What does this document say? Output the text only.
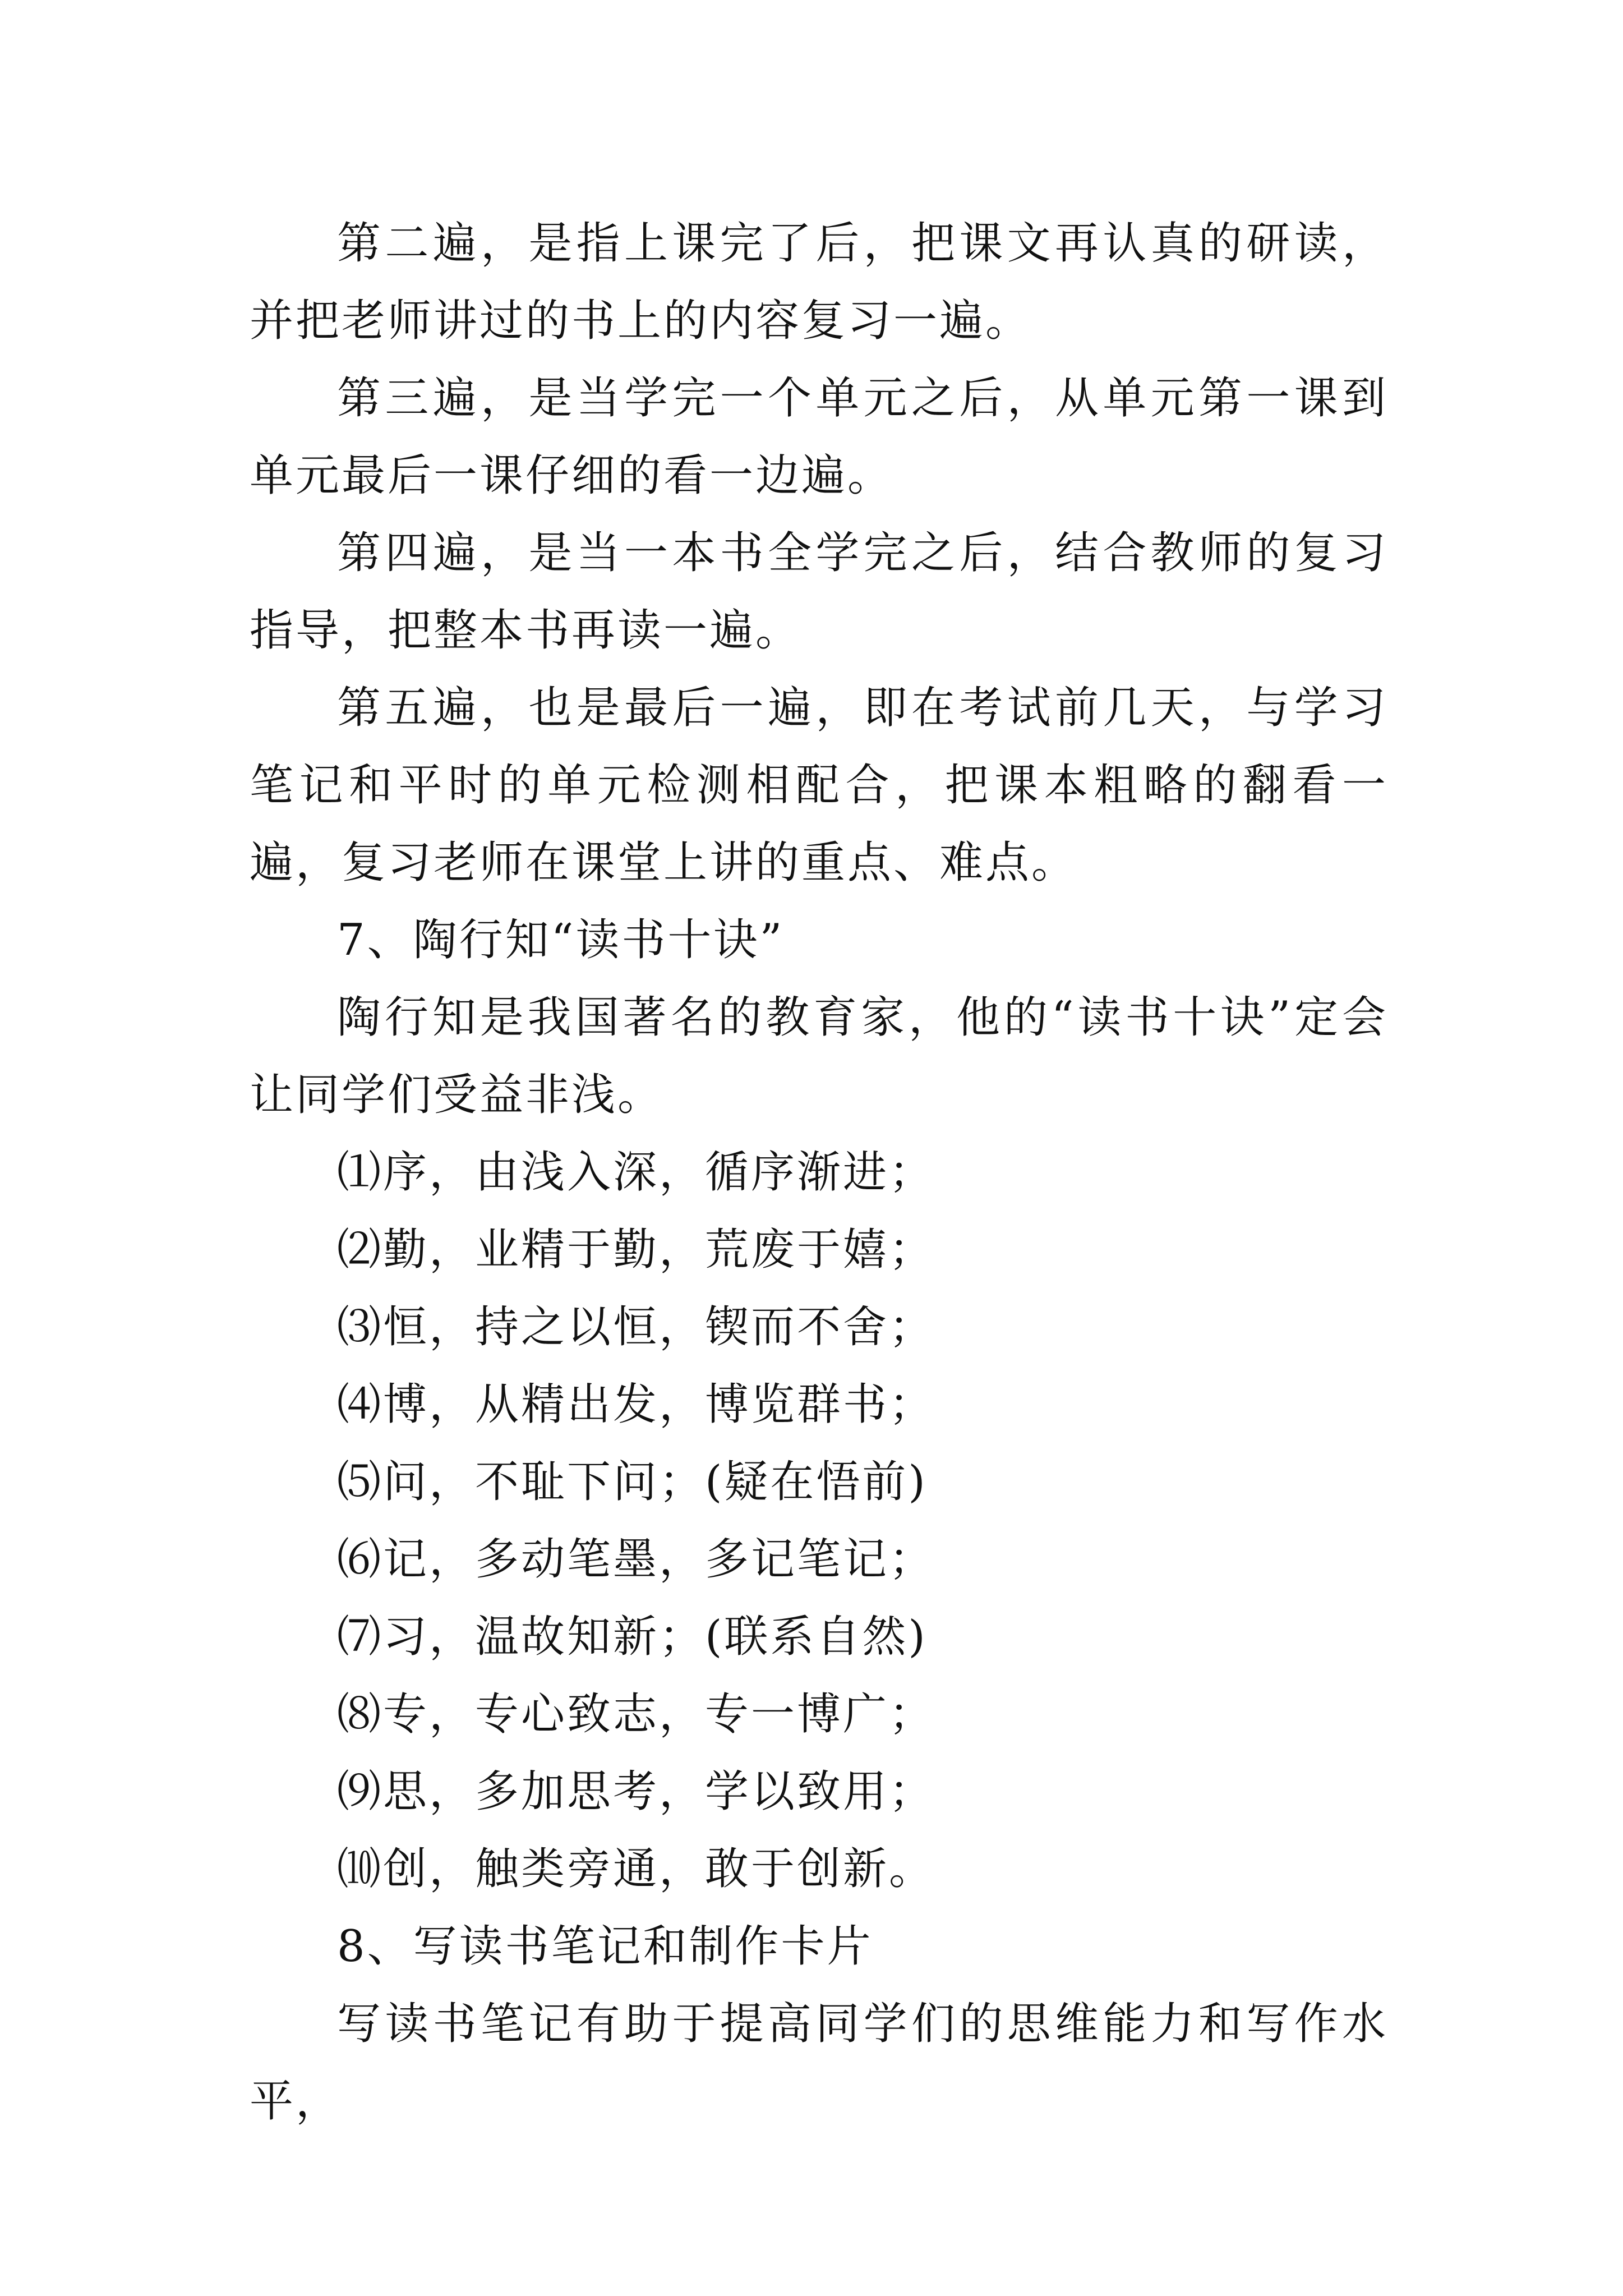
第二遍，是指上课完了后，把课文再认真的研读，并把老师讲过的书上的内容复习一遍。

第三遍，是当学完一个单元之后，从单元第一课到单元最后一课仔细的看一边遍。

第四遍，是当一本书全学完之后，结合教师的复习指导，把整本书再读一遍。

第五遍，也是最后一遍，即在考试前几天，与学习笔记和平时的单元检测相配合，把课本粗略的翻看一遍，复习老师在课堂上讲的重点、难点。

7、陶行知“读书十诀”

陶行知是我国著名的教育家，他的“读书十诀”定会让同学们受益非浅。

⑴序，由浅入深，循序渐进；

⑵勤，业精于勤，荒废于嬉；

⑶恒，持之以恒，锲而不舍；

⑷博，从精出发，博览群书；

⑸问，不耻下问；(疑在悟前)

⑹记，多动笔墨，多记笔记；

⑺习，温故知新；(联系自然)

⑻专，专心致志，专一博广；

⑼思，多加思考，学以致用；

⑽创，触类旁通，敢于创新。

8、写读书笔记和制作卡片

写读书笔记有助于提高同学们的思维能力和写作水平，
